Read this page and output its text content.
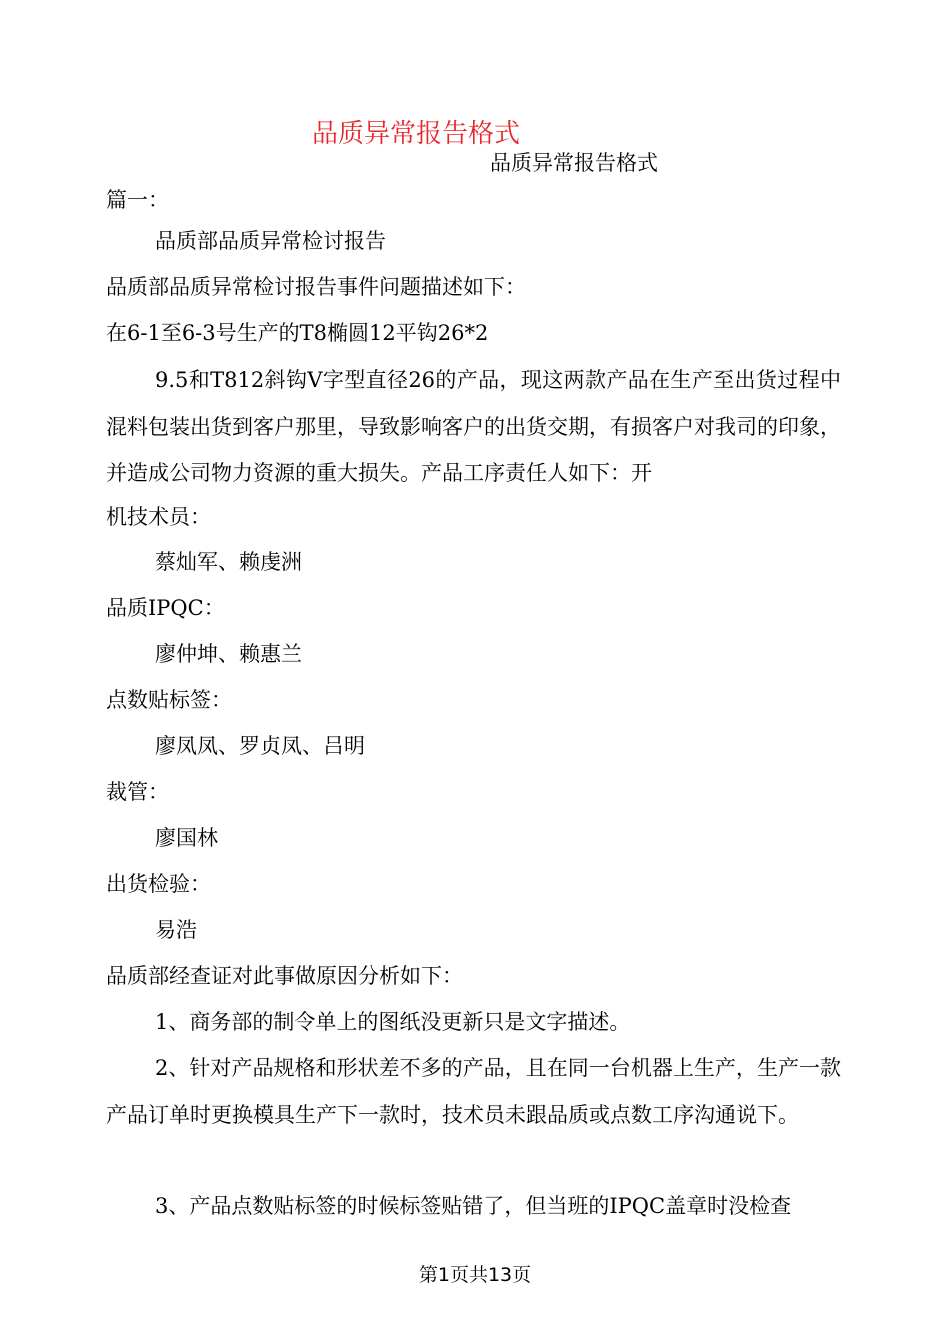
品质异常报告格式
品质异常报告格式
篇一：
品质部品质异常检讨报告
品质部品质异常检讨报告事件问题描述如下：
在6-1至6-3号生产的T8椭圆12平钩26*2
9.5和T812斜钩V字型直径26的产品，现这两款产品在生产至出货过程中混料包装出货到客户那里，导致影响客户的出货交期，有损客户对我司的印象，并造成公司物力资源的重大损失。产品工序责任人如下：开
机技术员：
蔡灿军、赖虔洲
品质IPQC：
廖仲坤、赖惠兰
点数贴标签：
廖凤凤、罗贞凤、吕明
裁管：
廖国林
出货检验：
易浩
品质部经查证对此事做原因分析如下：
1、商务部的制令单上的图纸没更新只是文字描述。
2、针对产品规格和形状差不多的产品，且在同一台机器上生产，生产一款产品订单时更换模具生产下一款时，技术员未跟品质或点数工序沟通说下。
3、产品点数贴标签的时候标签贴错了，但当班的IPQC盖章时没检查
第1页共13页
